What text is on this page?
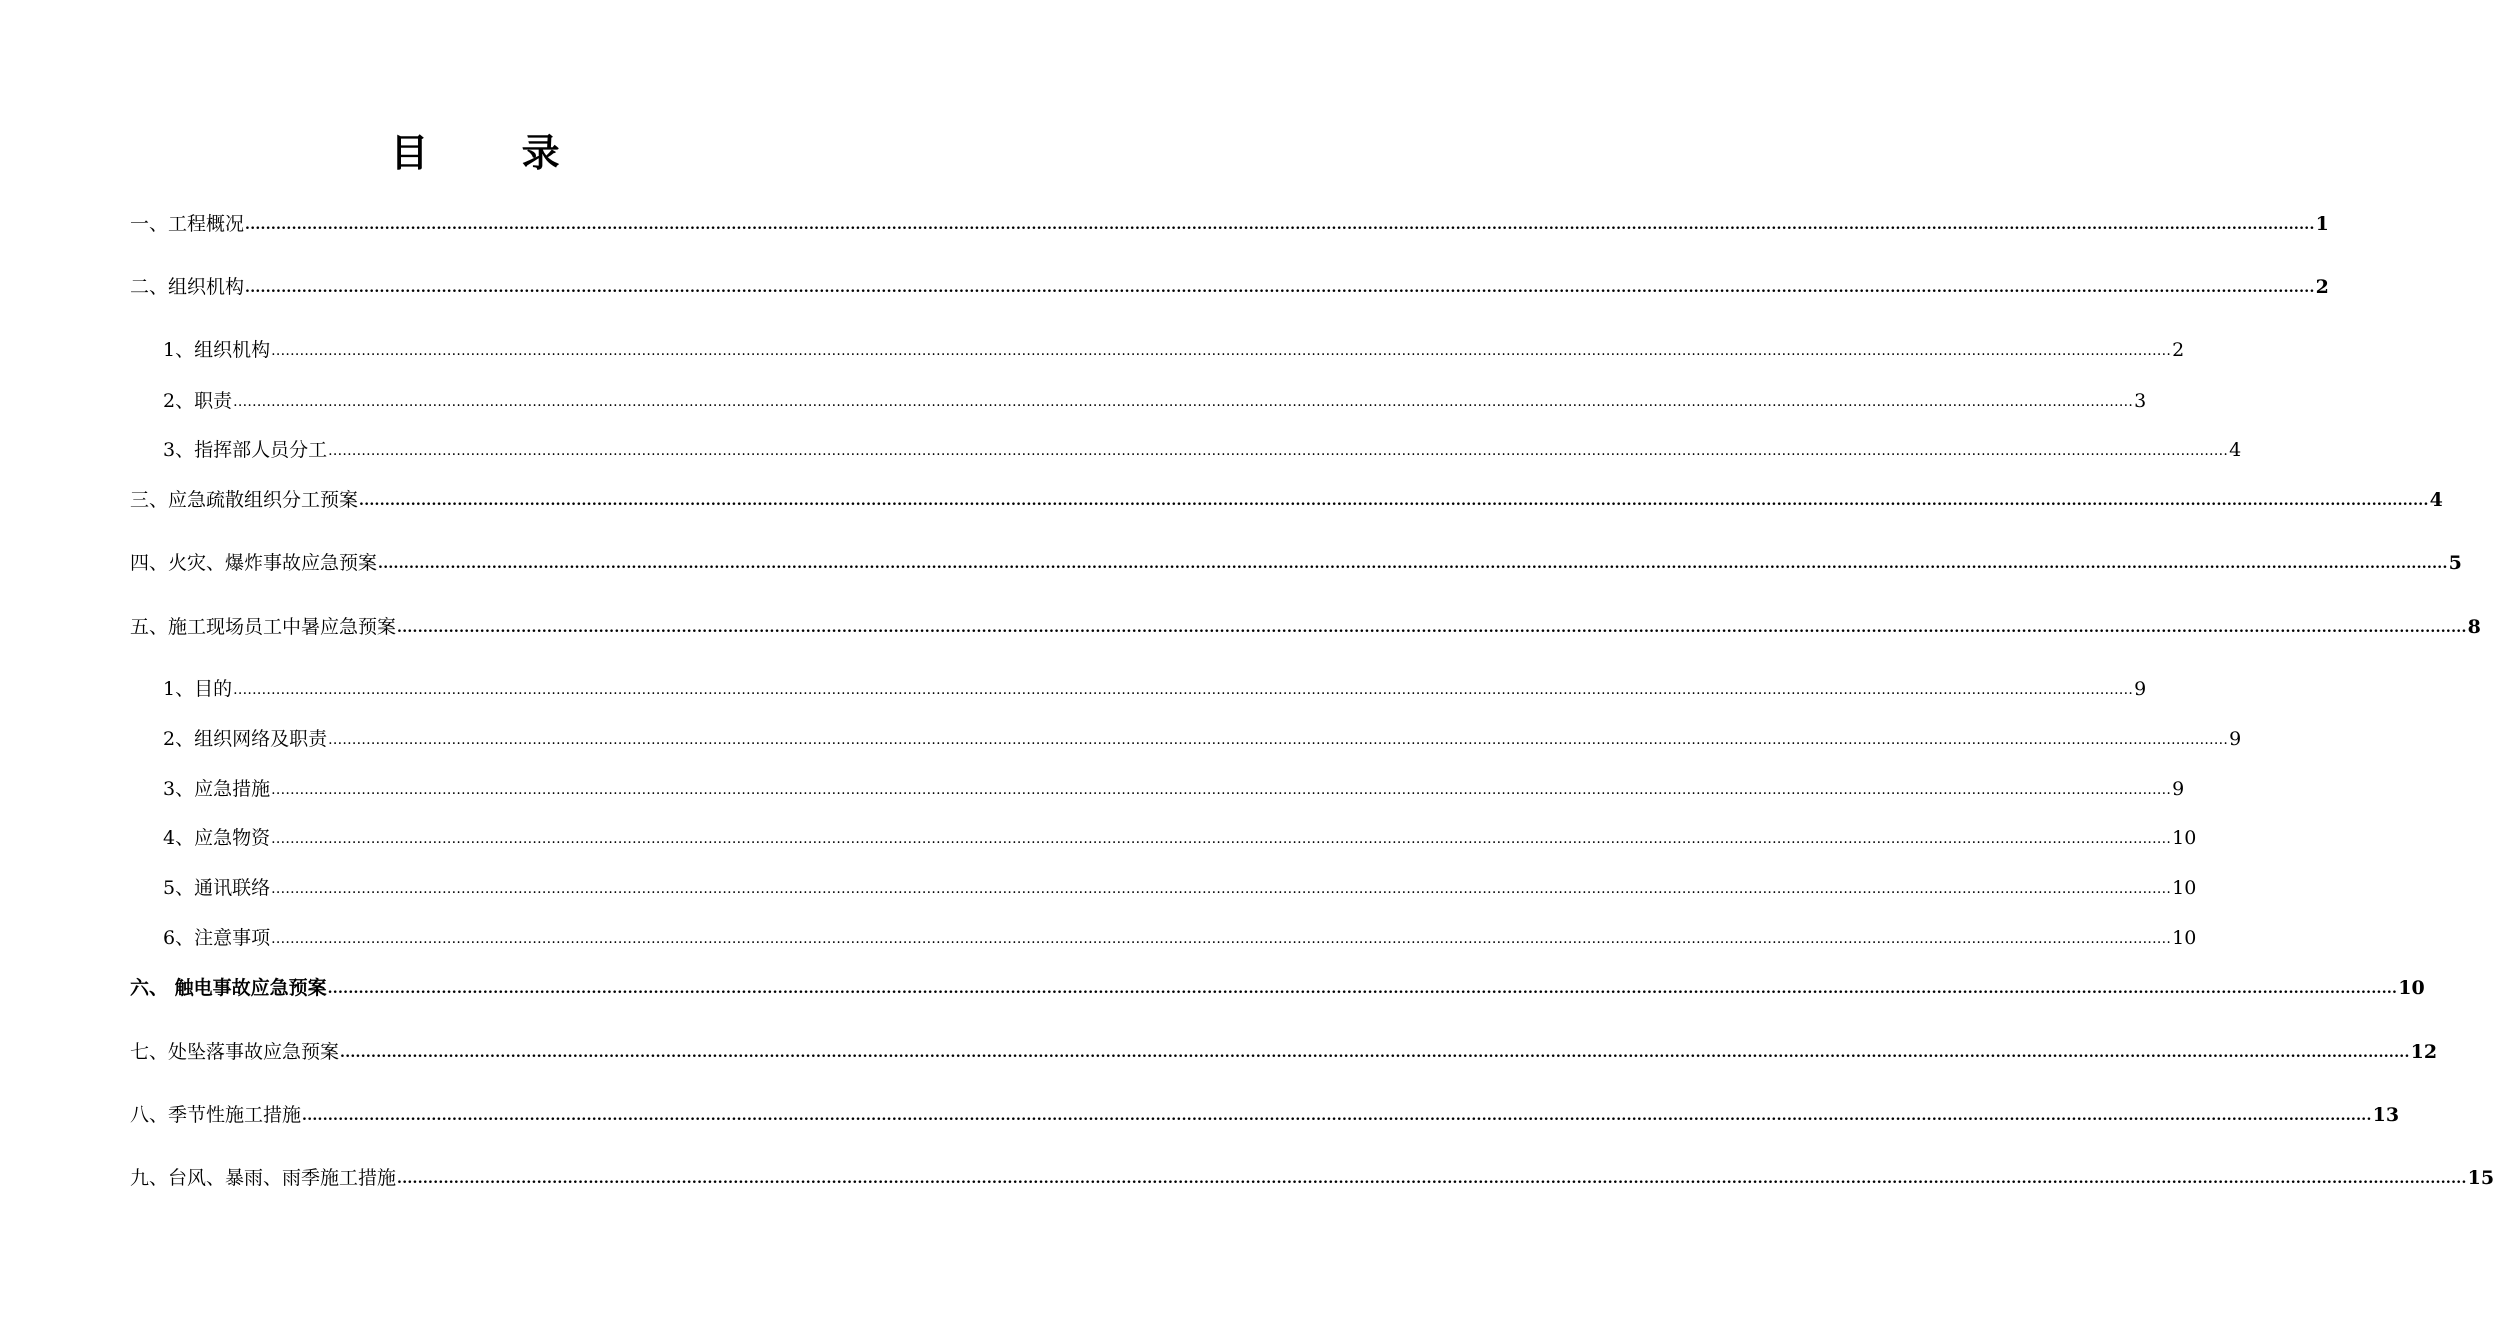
目 录
一、工程概况 ................................................................................................................................................................................................................................................................................................................................................................................................................ 1
二、组织机构 ................................................................................................................................................................................................................................................................................................................................................................................................................ 2
1、组织机构 ................................................................................................................................................................................................................................................................................................................................................................................................................ 2
2、职责 ................................................................................................................................................................................................................................................................................................................................................................................................................ 3
3、指挥部人员分工 ................................................................................................................................................................................................................................................................................................................................................................................................................ 4
三、应急疏散组织分工预案 ................................................................................................................................................................................................................................................................................................................................................................................................................ 4
四、火灾、爆炸事故应急预案 ................................................................................................................................................................................................................................................................................................................................................................................................................ 5
五、施工现场员工中暑应急预案 ................................................................................................................................................................................................................................................................................................................................................................................................................ 8
1、目的 ................................................................................................................................................................................................................................................................................................................................................................................................................ 9
2、组织网络及职责 ................................................................................................................................................................................................................................................................................................................................................................................................................ 9
3、应急措施 ................................................................................................................................................................................................................................................................................................................................................................................................................ 9
4、应急物资 ................................................................................................................................................................................................................................................................................................................................................................................................................ 10
5、通讯联络 ................................................................................................................................................................................................................................................................................................................................................................................................................ 10
6、注意事项 ................................................................................................................................................................................................................................................................................................................................................................................................................ 10
六、 触电事故应急预案 ................................................................................................................................................................................................................................................................................................................................................................................................................ 10
七、处坠落事故应急预案 ................................................................................................................................................................................................................................................................................................................................................................................................................ 12
八、季节性施工措施 ................................................................................................................................................................................................................................................................................................................................................................................................................ 13
九、台风、暴雨、雨季施工措施 ................................................................................................................................................................................................................................................................................................................................................................................................................ 15
